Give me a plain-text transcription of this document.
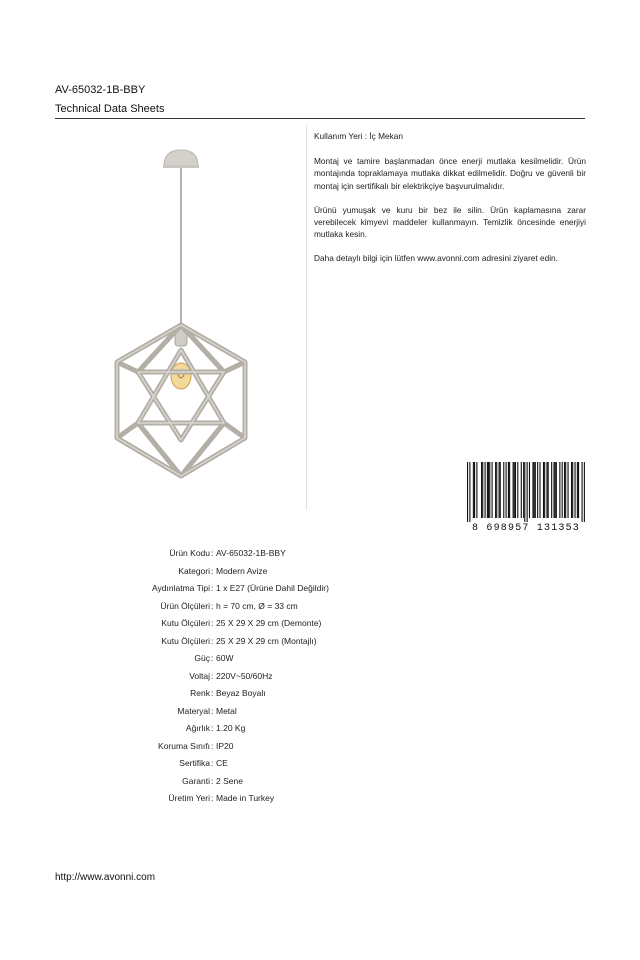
AV-65032-1B-BBY
Technical Data Sheets

Kullanım Yeri : İç Mekan

Montaj ve tamire başlanmadan önce enerji mutlaka kesilmelidir. Ürün montajında topraklamaya mutlaka dikkat edilmelidir. Doğru ve güvenli bir montaj için sertifikalı bir elektrikçiye başvurulmalıdır.

Ürünü yumuşak ve kuru bir bez ile silin. Ürün kaplamasına zarar verebilecek kimyevi maddeler kullanmayın. Temizlik öncesinde enerjiyi mutlaka kesin.

Daha detaylı bilgi için lütfen www.avonni.com adresini ziyaret edin.

8 698957 131353
Ürün Kodu : AV-65032-1B-BBY
Kategori : Modern Avize
Aydınlatma Tipi : 1 x E27 (Ürüne Dahil Değildir)
Ürün Ölçüleri : h = 70 cm, Ø = 33 cm
Kutu Ölçüleri : 25 X 29 X 29 cm (Demonte)
Kutu Ölçüleri : 25 X 29 X 29 cm (Montajlı)
Güç : 60W
Voltaj : 220V~50/60Hz
Renk : Beyaz Boyalı
Materyal : Metal
Ağırlık : 1.20 Kg
Koruma Sınıfı : IP20
Sertifika : CE
Garanti : 2 Sene
Üretim Yeri : Made in Turkey
http://www.avonni.com
